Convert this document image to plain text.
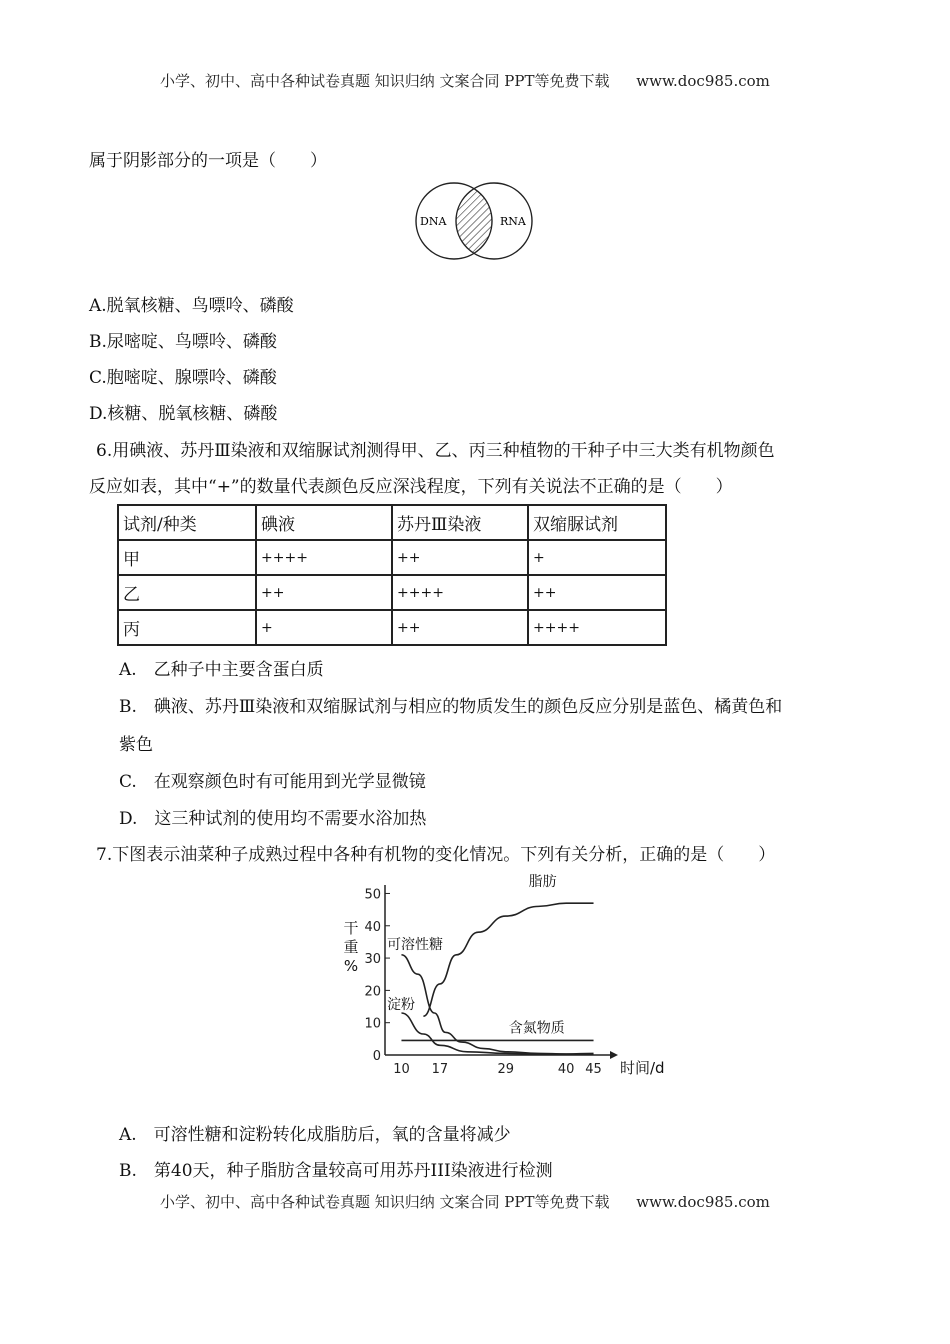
小学、初中、高中各种试卷真题 知识归纳 文案合同 PPT等免费下载 www.doc985.com
属于阴影部分的一项是（　　）
DNA	RNA
A.脱氧核糖、鸟嘌呤、磷酸
B.尿嘧啶、鸟嘌呤、磷酸
C.胞嘧啶、腺嘌呤、磷酸
D.核糖、脱氧核糖、磷酸
6.用碘液、苏丹Ⅲ染液和双缩脲试剂测得甲、乙、丙三种植物的干种子中三大类有机物颜色
反应如表，其中“+”的数量代表颜色反应深浅程度，下列有关说法不正确的是（　　）
试剂/种类	碘液	苏丹Ⅲ染液	双缩脲试剂
甲	++++	++	+
乙	++	++++	++
丙	+	++	++++
A.　乙种子中主要含蛋白质
B.　碘液、苏丹Ⅲ染液和双缩脲试剂与相应的物质发生的颜色反应分别是蓝色、橘黄色和
紫色
C.　在观察颜色时有可能用到光学显微镜
D.　这三种试剂的使用均不需要水浴加热
7.下图表示油菜种子成熟过程中各种有机物的变化情况。下列有关分析，正确的是（　　）
0
10
20
30
40
50
10 17	29	40 45
脂肪
可溶性糖
淀粉
含氮物质
时间/d
干
重
%
A.　可溶性糖和淀粉转化成脂肪后，氧的含量将减少
B.　第40天，种子脂肪含量较高可用苏丹III染液进行检测
小学、初中、高中各种试卷真题 知识归纳 文案合同 PPT等免费下载 www.doc985.com
